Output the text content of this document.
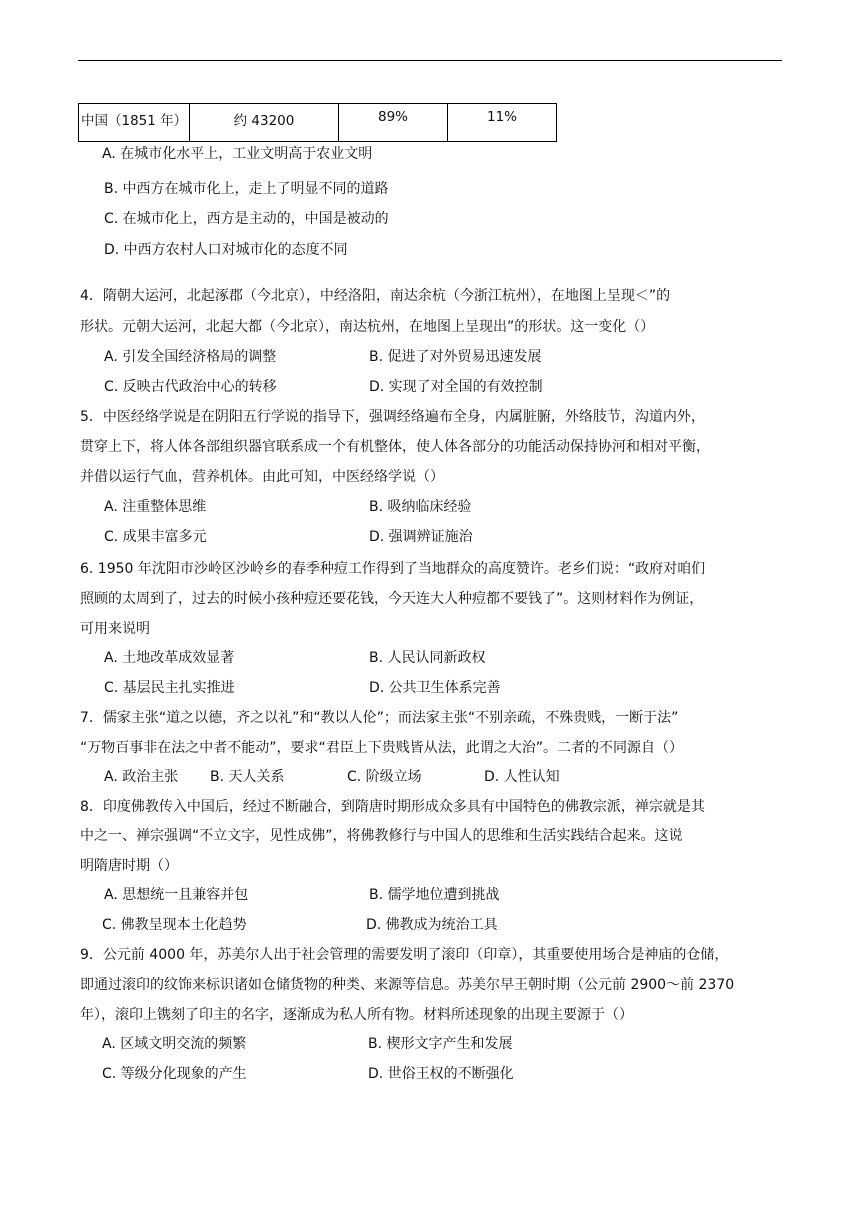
中国（1851 年）	约 43200	89%	11%
A. 在城市化水平上，工业文明高于农业文明
B. 中西方在城市化上，走上了明显不同的道路
C. 在城市化上，西方是主动的，中国是被动的
D. 中西方农村人口对城市化的态度不同
4．隋朝大运河，北起涿郡（今北京），中经洛阳，南达余杭（今浙江杭州），在地图上呈现＜”的
形状。元朝大运河，北起大都（今北京），南达杭州，在地图上呈现出”的形状。这一变化（）
A. 引发全国经济格局的调整	B. 促进了对外贸易迅速发展
C. 反映古代政治中心的转移	D. 实现了对全国的有效控制
5．中医经络学说是在阴阳五行学说的指导下，强调经络遍布全身，内属脏腑，外络肢节，沟道内外，
贯穿上下，将人体各部组织器官联系成一个有机整体，使人体各部分的功能活动保持协河和相对平衡，
并借以运行气血，营养机体。由此可知，中医经络学说（）
A. 注重整体思维	B. 吸纳临床经验
C. 成果丰富多元	D. 强调辨证施治
6. 1950 年沈阳市沙岭区沙岭乡的春季种痘工作得到了当地群众的高度赞许。老乡们说：“政府对咱们
照顾的太周到了，过去的时候小孩种痘还要花钱，今天连大人种痘都不要钱了”。这则材料作为例证，
可用来说明
A. 土地改革成效显著	B. 人民认同新政权
C. 基层民主扎实推进	D. 公共卫生体系完善
7．儒家主张“道之以德，齐之以礼”和“教以人伦”；而法家主张“不别亲疏，不殊贵贱，一断于法”
“万物百事非在法之中者不能动”，要求“君臣上下贵贱皆从法，此谓之大治”。二者的不同源自（）
A. 政治主张 B. 天人关系	C. 阶级立场	D. 人性认知
8．印度佛教传入中国后，经过不断融合，到隋唐时期形成众多具有中国特色的佛教宗派，禅宗就是其
中之一、禅宗强调“不立文字，见性成佛”，将佛教修行与中国人的思维和生活实践结合起来。这说
明隋唐时期（）
A. 思想统一且兼容并包	B. 儒学地位遭到挑战
C. 佛教呈现本土化趋势	D. 佛教成为统治工具
9．公元前 4000 年，苏美尔人出于社会管理的需要发明了滚印（印章），其重要使用场合是神庙的仓储，
即通过滚印的纹饰来标识诸如仓储货物的种类、来源等信息。苏美尔早王朝时期（公元前 2900～前 2370
年），滚印上镌刻了印主的名字，逐渐成为私人所有物。材料所述现象的出现主要源于（）
A. 区域文明交流的频繁	B. 楔形文字产生和发展
C. 等级分化现象的产生	D. 世俗王权的不断强化
